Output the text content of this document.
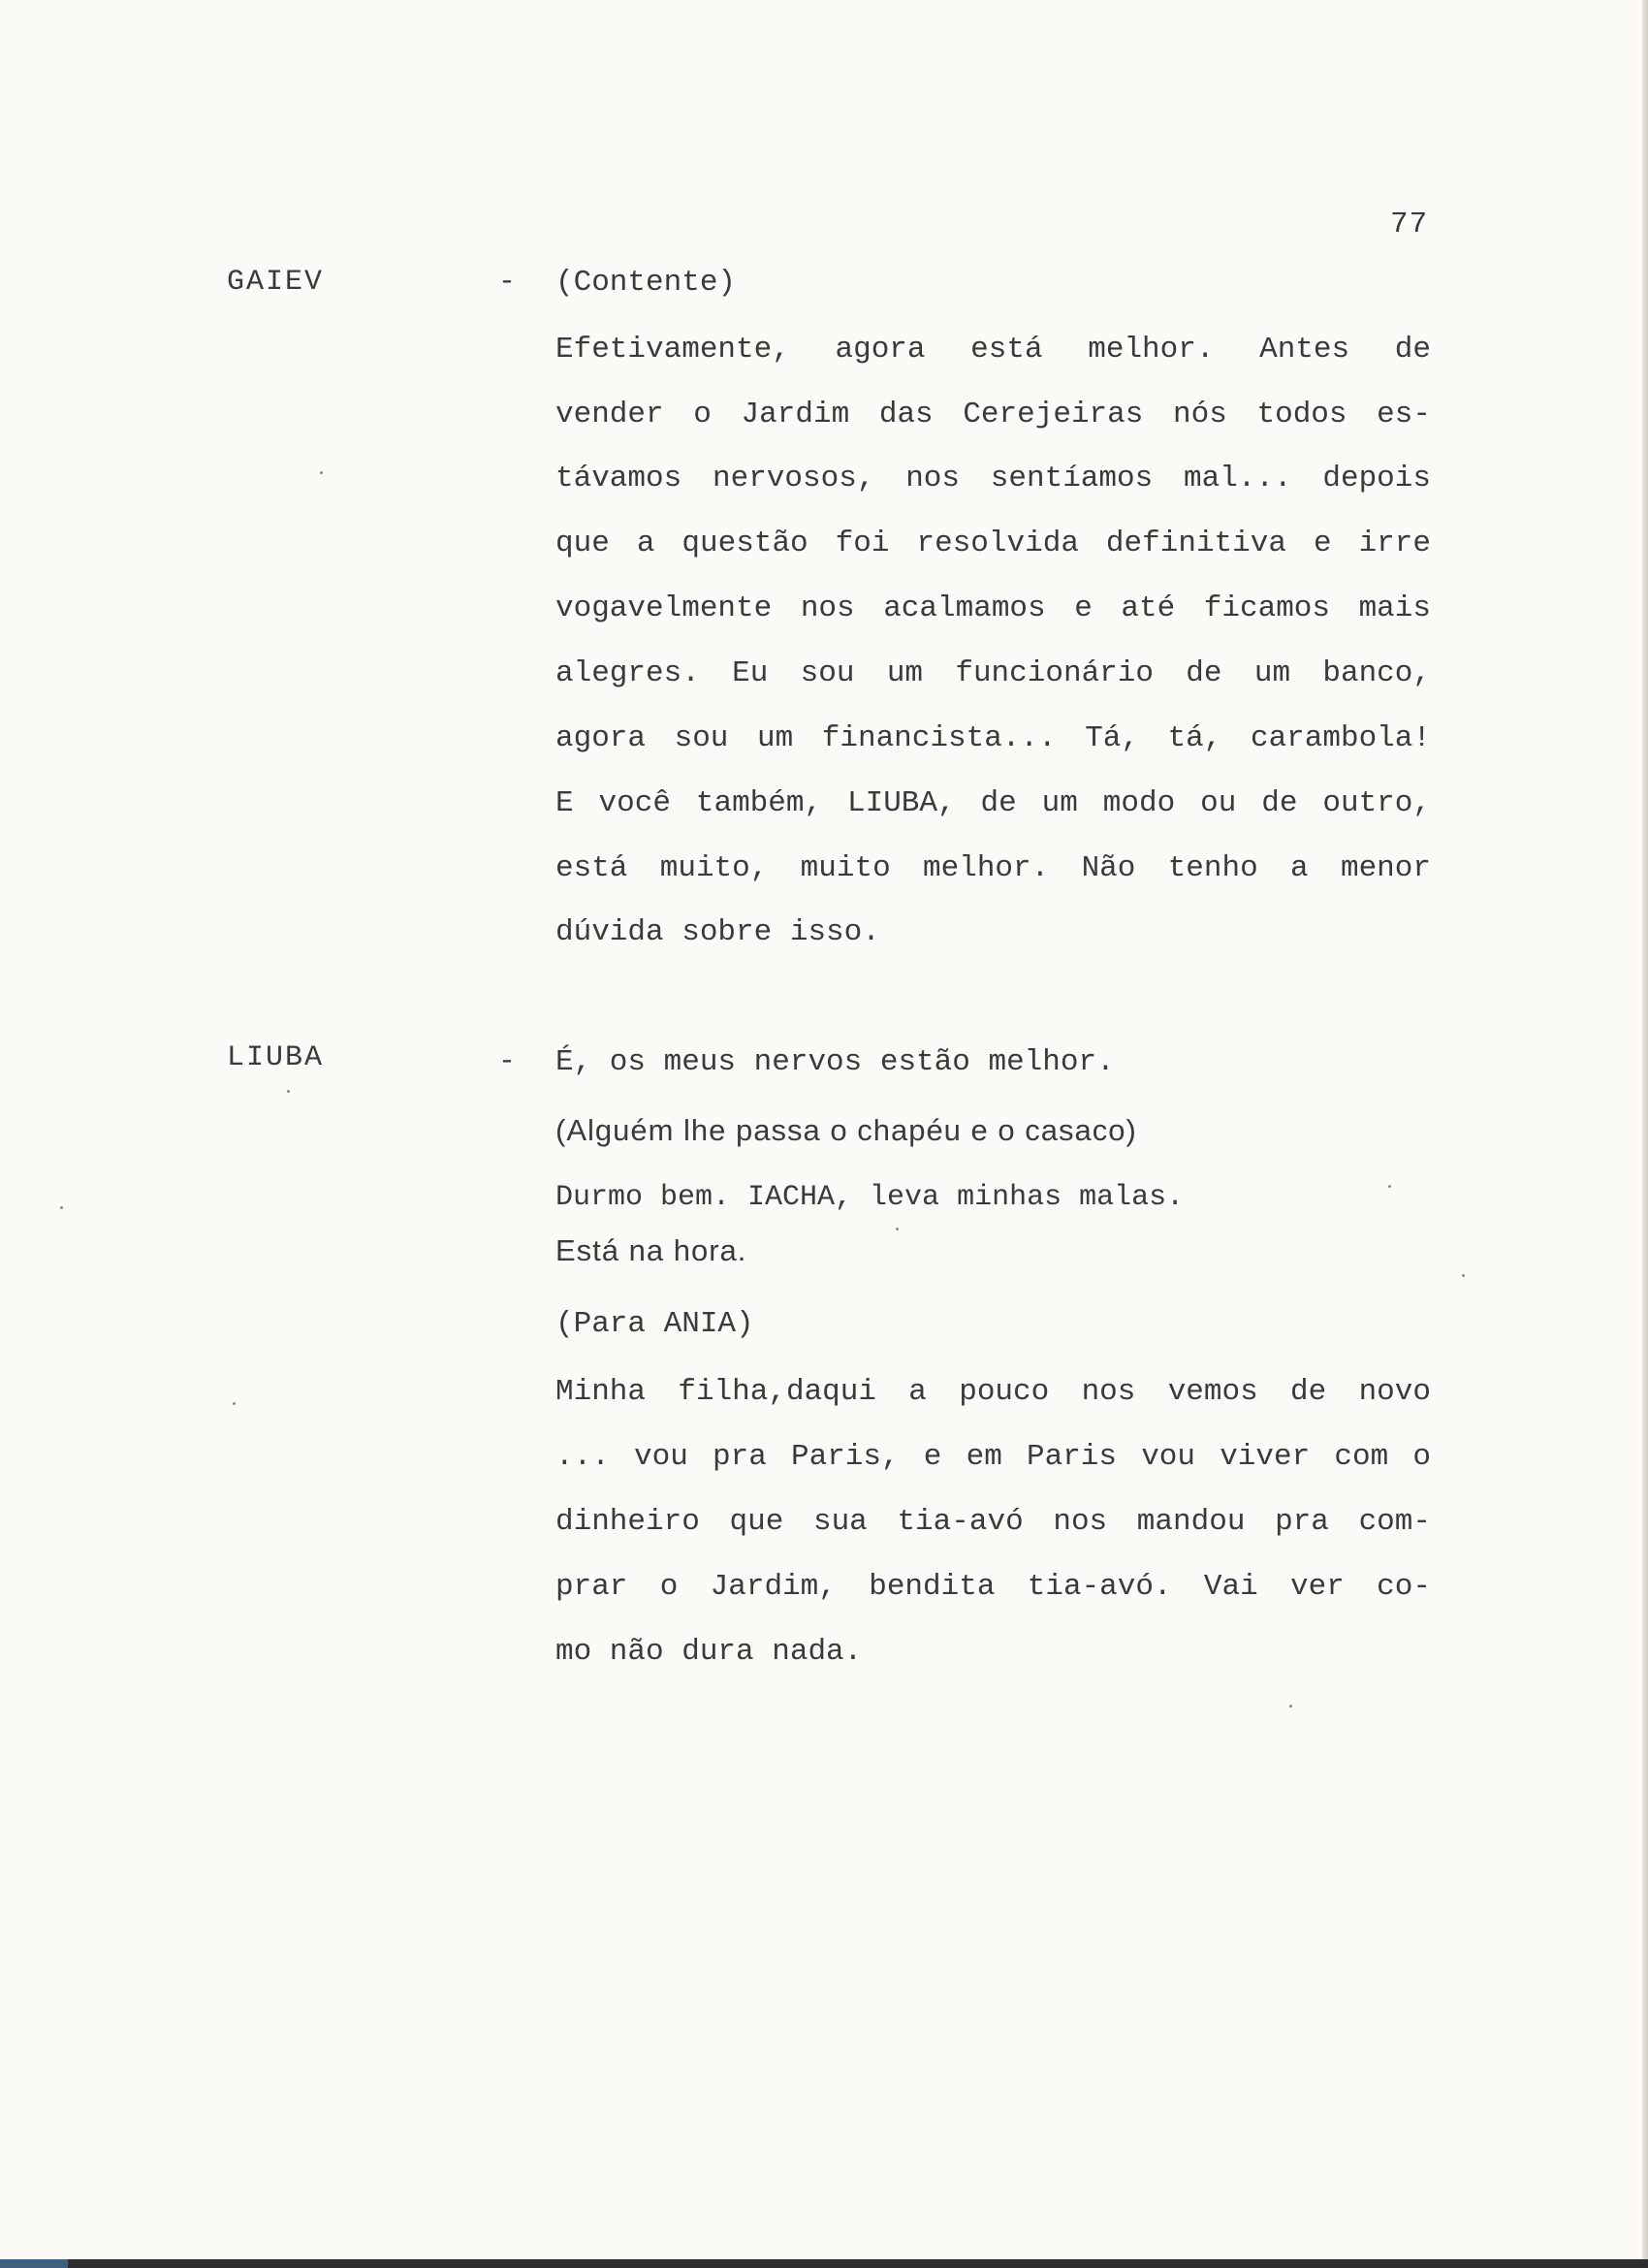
77
GAIEV	- (Contente)
Efetivamente, agora está melhor. Antes de
vender o Jardim das Cerejeiras nós todos es-
távamos nervosos, nos sentíamos mal... depois
que a questão foi resolvida definitiva e irre
vogavelmente nos acalmamos e até ficamos mais
alegres. Eu sou um funcionário de um banco,
agora sou um financista... Tá, tá, carambola!
E você também, LIUBA, de um modo ou de outro,
está muito, muito melhor. Não tenho a menor
dúvida sobre isso.
LIUBA	- É, os meus nervos estão melhor.
(Alguém lhe passa o chapéu e o casaco)
Durmo bem. IACHA, leva minhas malas.
Está na hora.
(Para ANIA)
Minha filha,daqui a pouco nos vemos de novo
... vou pra Paris, e em Paris vou viver com o
dinheiro que sua tia-avó nos mandou pra com-
prar o Jardim, bendita tia-avó. Vai ver co-
mo não dura nada.
